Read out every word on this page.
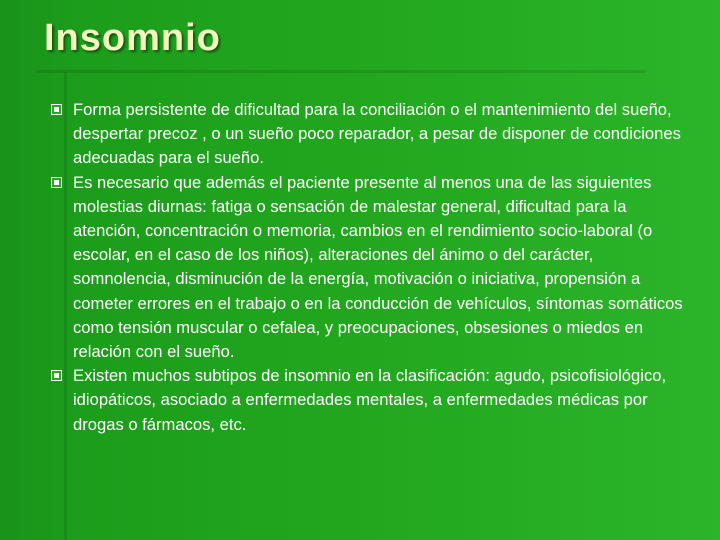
Insomnio
Forma persistente de dificultad para la conciliación o el mantenimiento del sueño, despertar precoz , o un sueño poco reparador, a pesar de disponer de condiciones adecuadas para el sueño.
Es necesario que además el paciente presente al menos una de las siguientes molestias diurnas: fatiga o sensación de malestar general, dificultad para la atención, concentración o memoria, cambios en el rendimiento socio-laboral (o escolar, en el caso de los niños), alteraciones del ánimo o del carácter, somnolencia, disminución de la energía, motivación o iniciativa, propensión a cometer errores en el trabajo o en la conducción de vehículos, síntomas somáticos como tensión muscular o cefalea, y preocupaciones, obsesiones o miedos en relación con el sueño.
Existen muchos subtipos de insomnio en la clasificación: agudo, psicofisiológico, idiopáticos, asociado a enfermedades mentales, a enfermedades médicas por drogas o fármacos, etc.
